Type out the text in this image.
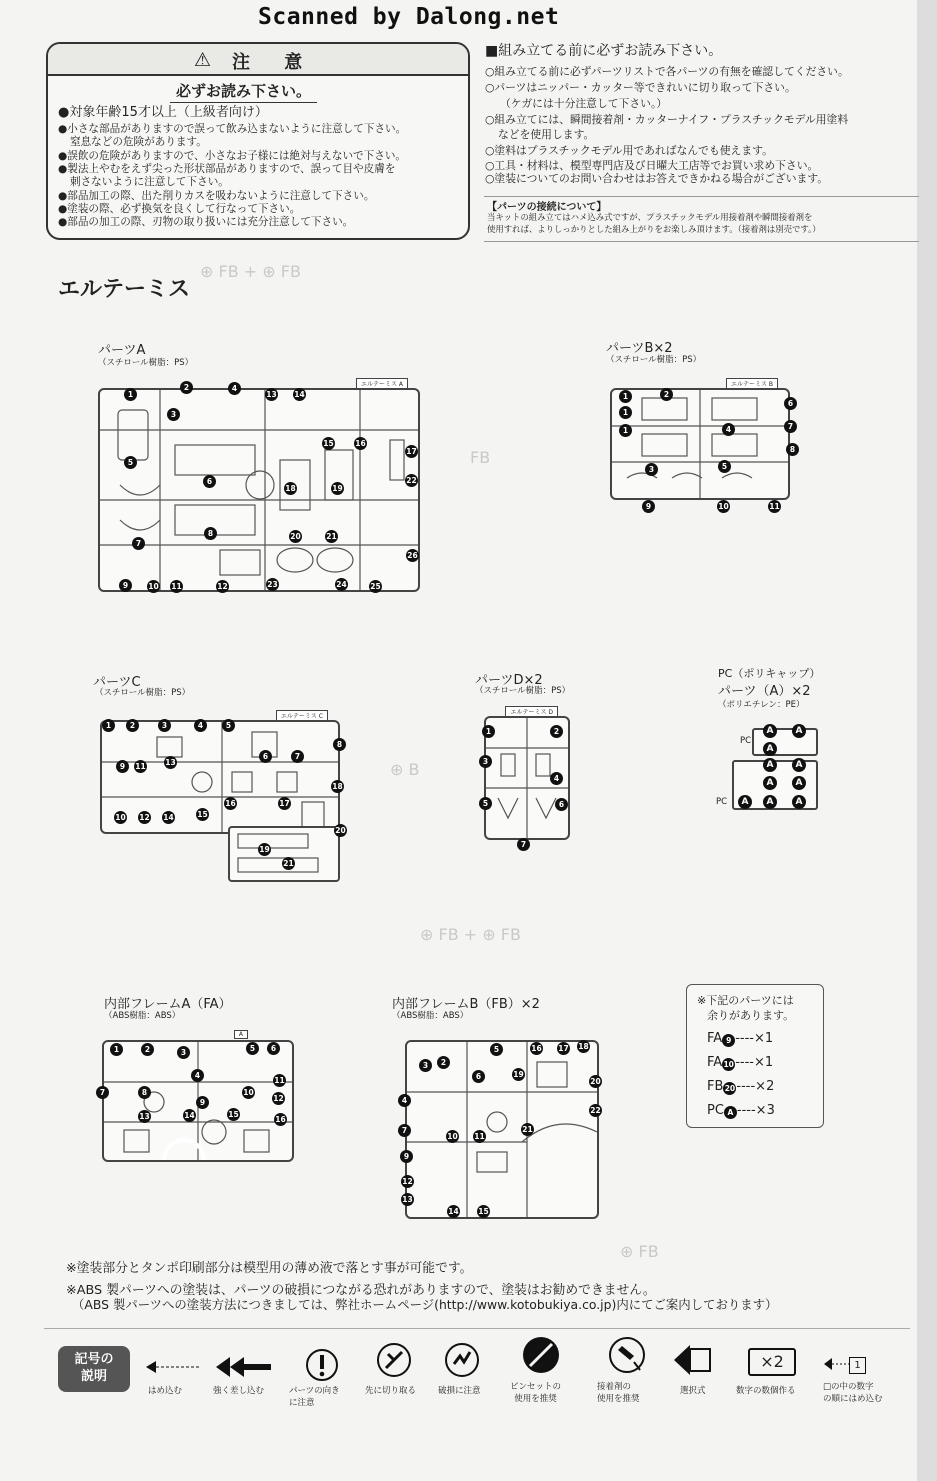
⊕ FB + ⊕ FB
FB
⊕ B
⊕ FB + ⊕ FB
⊕ FB
Scanned by Dalong.net
⚠ 注 意
必ずお読み下さい。
●対象年齢15才以上（上級者向け）
●小さな部品がありますので誤って飲み込まないように注意して下さい。
窒息などの危険があります。
●誤飲の危険がありますので、小さなお子様には絶対与えないで下さい。
●製法上やむをえず尖った形状部品がありますので、誤って目や皮膚を
刺さないように注意して下さい。
●部品加工の際、出た削りカスを吸わないように注意して下さい。
●塗装の際、必ず換気を良くして行なって下さい。
●部品の加工の際、刃物の取り扱いには充分注意して下さい。
■組み立てる前に必ずお読み下さい。
○組み立てる前に必ずパーツリストで各パーツの有無を確認してください。
○パーツはニッパー・カッター等できれいに切り取って下さい。
（ケガには十分注意して下さい。）
○組み立てには、瞬間接着剤・カッターナイフ・プラスチックモデル用塗料
などを使用します。
○塗料はプラスチックモデル用であればなんでも使えます。
○工具・材料は、模型専門店及び日曜大工店等でお買い求め下さい。
○塗装についてのお問い合わせはお答えできかねる場合がございます。
【パーツの接続について】
当キットの組み立てはハメ込み式ですが、プラスチックモデル用接着剤や瞬間接着剤を
使用すれば、よりしっかりとした組み上がりをお楽しみ頂けます。（接着剤は別売です。）
エルテーミス
パーツA
（スチロール樹脂：PS）
エルテーミス A
1
2
3
4
5
6
7
8
9	10 11	12
13 14
15	16
17
18	19
20	21
22
23	24	25
26
パーツB×2
（スチロール樹脂：PS）
エルテーミス B
1	2
3
4
5
6
7
8
9	10	11
1
1
パーツC
（スチロール樹脂：PS）
エルテーミス C
1	2	3	4	5
6	7
8
9
10
11
12
13
14	15
16	17
18
19
20
21
パーツD×2
（スチロール樹脂：PS）
エルテーミス D
1	2
3
4
5	6
7
PC（ポリキャップ）
パーツ（A）×2
（ポリエチレン：PE）
PC
PC
A	A
A
A	A
A	A
A	A	A
内部フレームA（FA）
（ABS樹脂：ABS）
A
1	2	3
4
5	6
7	8
9
10
11
12
13	14	15
16
内部フレームB（FB）×2
（ABS樹脂：ABS）
3	2
6
4
7
9
12
13
10 11
14	15
16 17 18
19
20
21
22
5
※下記のパーツには
余りがあります。
FA 9 ----×1
FA10----×1
FB20----×2
PC A ----×3
※塗装部分とタンポ印刷部分は模型用の薄め液で落とす事が可能です。
※ABS 製パーツへの塗装は、パーツの破損につながる恐れがありますので、塗装はお勧めできません。
（ABS 製パーツへの塗装方法につきましては、弊社ホームページ(http://www.kotobukiya.co.jp)内にてご案内しております）
記号の
説明
×2	1
はめ込む	強く差し込む	パーツの向き
に注意
先に切り取る	破損に注意	ピンセットの
使用を推奨
接着剤の
使用を推奨
選択式	数字の数個作る	□の中の数字
の順にはめ込む
